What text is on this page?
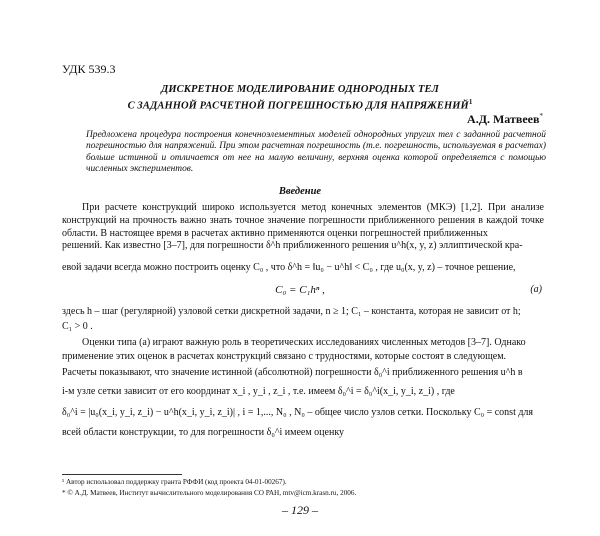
УДК 539.3
ДИСКРЕТНОЕ МОДЕЛИРОВАНИЕ ОДНОРОДНЫХ ТЕЛ
С ЗАДАННОЙ РАСЧЕТНОЙ ПОГРЕШНОСТЬЮ ДЛЯ НАПРЯЖЕНИЙ$^1$
А.Д. Матвеев*
Предложена процедура построения конечноэлементных моделей однородных упругих тел с заданной расчетной погрешностью для напряжений. При этом расчетная погрешность (т.е. погрешность, используемая в расчетах) больше истинной и отличается от нее на малую величину, верхняя оценка которой определяется с помощью численных экспериментов.
Введение
При расчете конструкций широко используется метод конечных элементов (МКЭ) [1,2]. При анализе конструкций на прочность важно знать точное значение погрешности приближенного решения в каждой точке области. В настоящее время в расчетах активно применяются оценки погрешностей приближенных
решений. Как известно [3–7], для погрешности δ^h приближенного решения u^h(x, y, z) эллиптической кра-
евой задачи всегда можно построить оценку C₀ , что δ^h = ‖u₀ − u^h‖ < C₀ , где u₀(x, y, z) – точное решение,
C₀ = C₁hⁿ ,	(a)
здесь h – шаг (регулярной) узловой сетки дискретной задачи, n ≥ 1; C₁ – константа, которая не зависит от h;
C₁ > 0 .
Оценки типа (a) играют важную роль в теоретических исследованиях численных методов [3–7]. Однако
применение этих оценок в расчетах конструкций связано с трудностями, которые состоят в следующем.
Расчеты показывают, что значение истинной (абсолютной) погрешности δ₀^i приближенного решения u^h в
i-м узле сетки зависит от его координат x_i , y_i , z_i , т.е. имеем δ₀^i = δ₀^i(x_i, y_i, z_i) , где
δ₀^i = |u₀(x_i, y_i, z_i) − u^h(x_i, y_i, z_i)| , i = 1,..., N₀ , N₀ – общее число узлов сетки. Поскольку C₀ = const для
всей области конструкции, то для погрешности δ₀^i имеем оценку
¹ Автор использовал поддержку гранта РФФИ (код проекта 04-01-00267).
* © А.Д. Матвеев, Институт вычислительного моделирования СО РАН, mtv@icm.krasn.ru, 2006.
– 129 –
